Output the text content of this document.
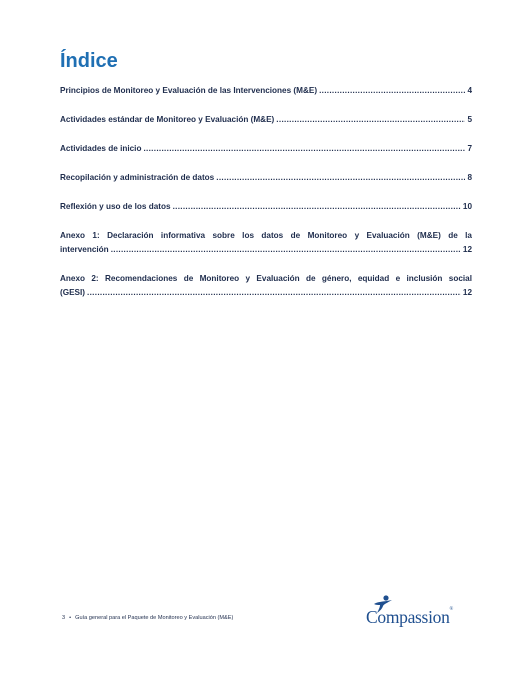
Índice
Principios de Monitoreo y Evaluación de las Intervenciones (M&E) .....	4
Actividades estándar de Monitoreo y Evaluación (M&E) .....	5
Actividades de inicio .....	7
Recopilación y administración de datos .....	8
Reflexión y uso de los datos .....	10
Anexo 1: Declaración informativa sobre los datos de Monitoreo y Evaluación (M&E) de la
intervención .....	12
Anexo 2: Recomendaciones de Monitoreo y Evaluación de género, equidad e inclusión social
(GESI) .....	12
3 • Guía general para el Paquete de Monitoreo y Evaluación (M&E)	Compassion®
